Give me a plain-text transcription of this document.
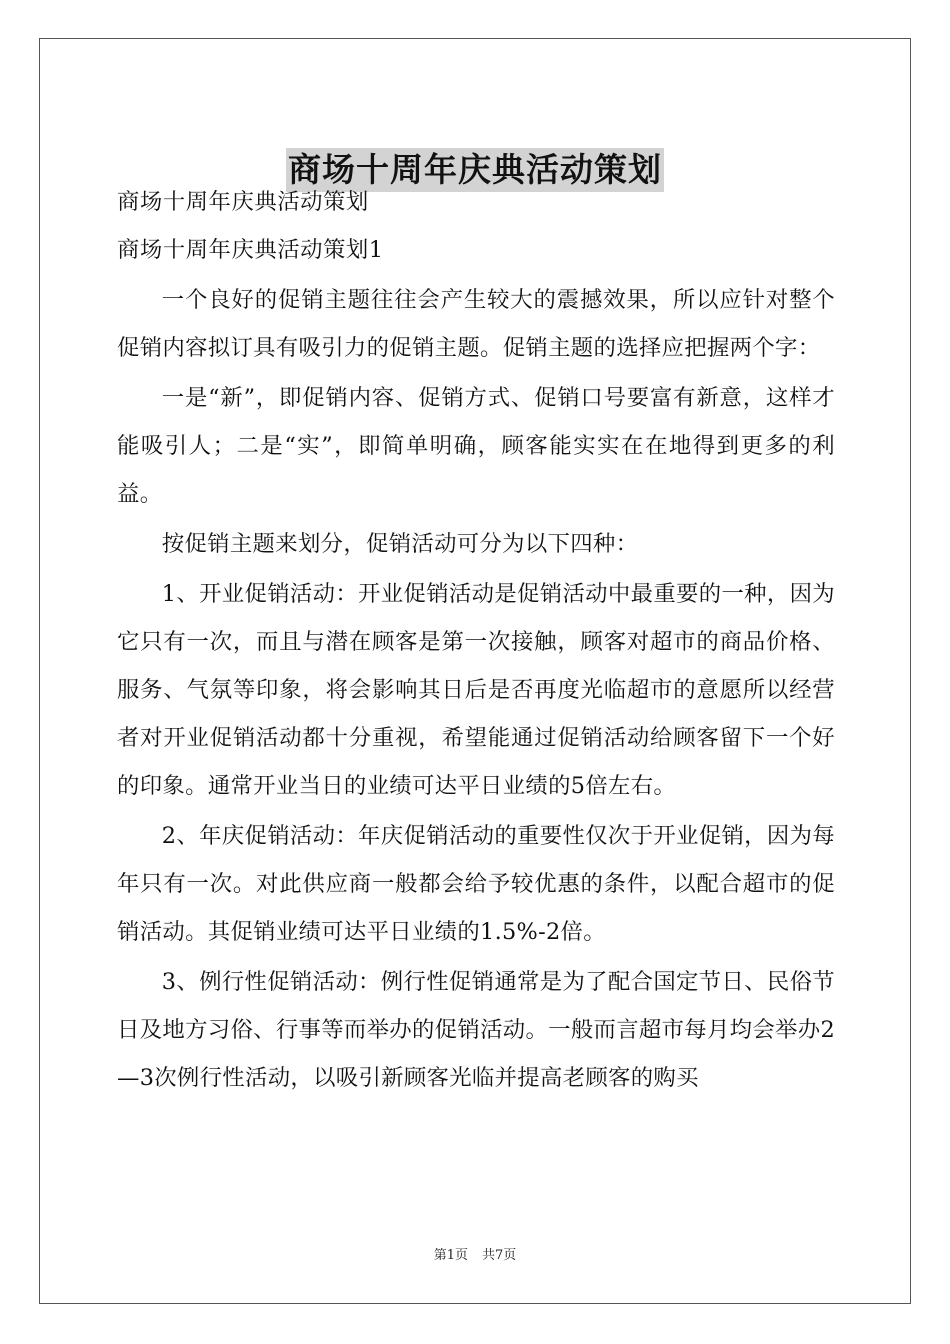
商场十周年庆典活动策划

商场十周年庆典活动策划

商场十周年庆典活动策划1

一个良好的促销主题往往会产生较大的震撼效果，所以应针对整个促销内容拟订具有吸引力的促销主题。促销主题的选择应把握两个字：

一是“新”，即促销内容、促销方式、促销口号要富有新意，这样才能吸引人；二是“实”，即简单明确，顾客能实实在在地得到更多的利益。

按促销主题来划分，促销活动可分为以下四种：

1、开业促销活动：开业促销活动是促销活动中最重要的一种，因为它只有一次，而且与潜在顾客是第一次接触，顾客对超市的商品价格、服务、气氛等印象，将会影响其日后是否再度光临超市的意愿所以经营者对开业促销活动都十分重视，希望能通过促销活动给顾客留下一个好的印象。通常开业当日的业绩可达平日业绩的5倍左右。

2、年庆促销活动：年庆促销活动的重要性仅次于开业促销，因为每年只有一次。对此供应商一般都会给予较优惠的条件，以配合超市的促销活动。其促销业绩可达平日业绩的1.5%-2倍。

3、例行性促销活动：例行性促销通常是为了配合国定节日、民俗节日及地方习俗、行事等而举办的促销活动。一般而言超市每月均会举办2—3次例行性活动，以吸引新顾客光临并提高老顾客的购买

第1页 共7页
